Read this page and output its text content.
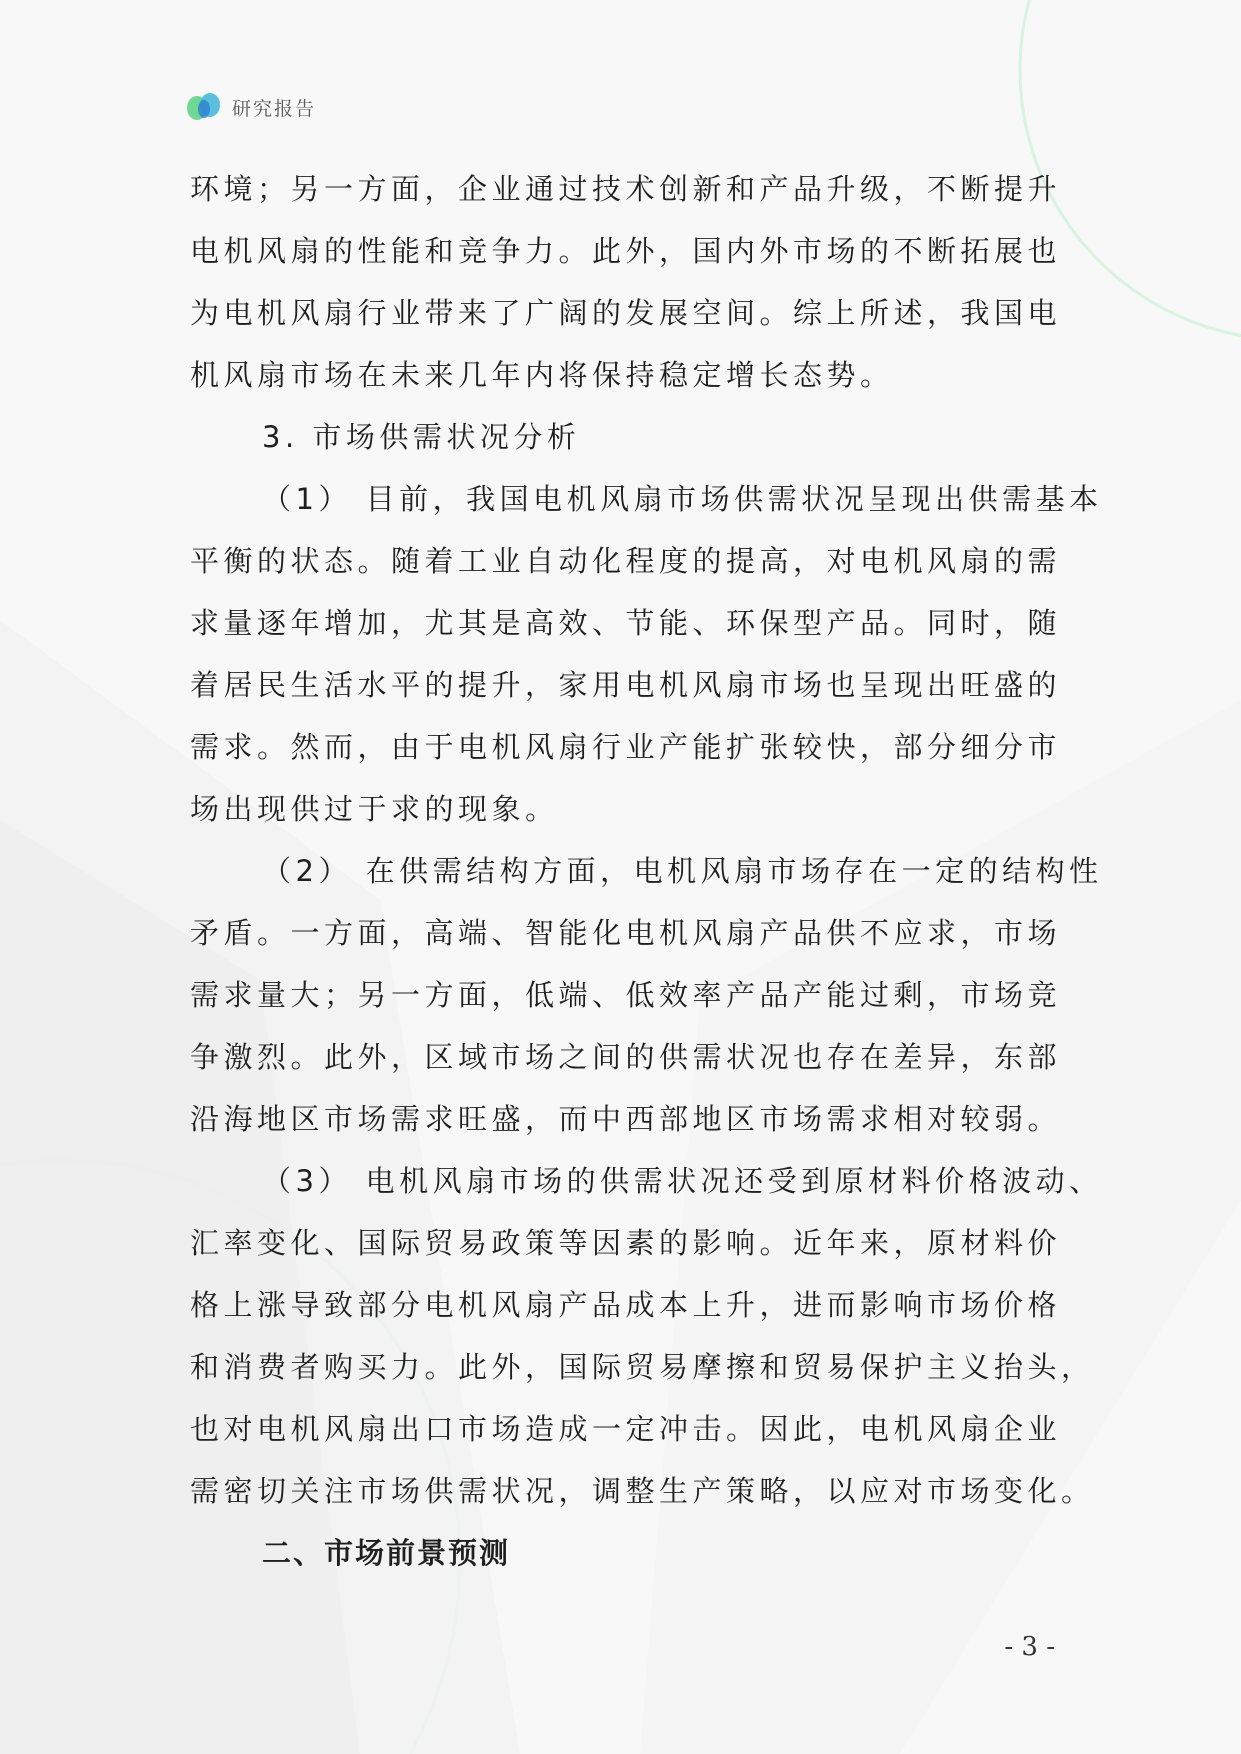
研究报告
环境；另一方面，企业通过技术创新和产品升级，不断提升
电机风扇的性能和竞争力。此外，国内外市场的不断拓展也
为电机风扇行业带来了广阔的发展空间。综上所述，我国电
机风扇市场在未来几年内将保持稳定增长态势。
3. 市场供需状况分析
（1） 目前，我国电机风扇市场供需状况呈现出供需基本
平衡的状态。随着工业自动化程度的提高，对电机风扇的需
求量逐年增加，尤其是高效、节能、环保型产品。同时，随
着居民生活水平的提升，家用电机风扇市场也呈现出旺盛的
需求。然而，由于电机风扇行业产能扩张较快，部分细分市
场出现供过于求的现象。
（2） 在供需结构方面，电机风扇市场存在一定的结构性
矛盾。一方面，高端、智能化电机风扇产品供不应求，市场
需求量大；另一方面，低端、低效率产品产能过剩，市场竞
争激烈。此外，区域市场之间的供需状况也存在差异，东部
沿海地区市场需求旺盛，而中西部地区市场需求相对较弱。
（3） 电机风扇市场的供需状况还受到原材料价格波动、
汇率变化、国际贸易政策等因素的影响。近年来，原材料价
格上涨导致部分电机风扇产品成本上升，进而影响市场价格
和消费者购买力。此外，国际贸易摩擦和贸易保护主义抬头，
也对电机风扇出口市场造成一定冲击。因此，电机风扇企业
需密切关注市场供需状况，调整生产策略，以应对市场变化。
二、市场前景预测
- 3 -
